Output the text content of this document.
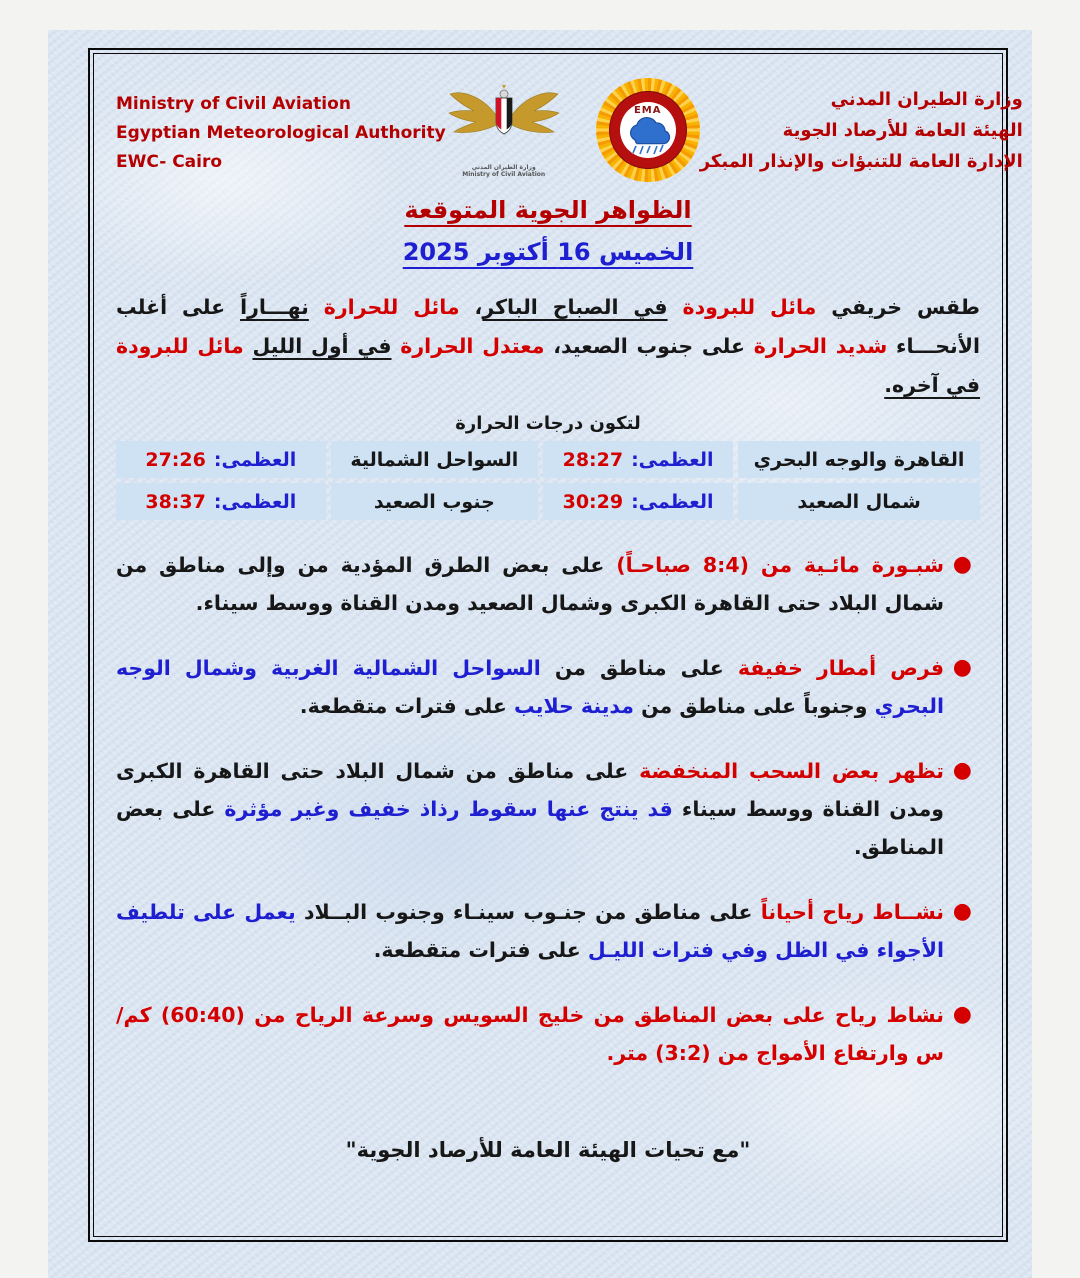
Ministry of Civil Aviation
Egyptian Meteorological Authority
EWC- Cairo	وزارة الطيران المدني
Ministry of Civil Aviation
EMA
وزارة الطيران المدني
الهيئة العامة للأرصاد الجوية
الإدارة العامة للتنبؤات والإنذار المبكر
الظواهر الجوية المتوقعة
الخميس 16 أكتوبر 2025

طقس خريفي مائل للبرودة في الصباح الباكر، مائل للحرارة نهـــاراً على أغلب الأنحـــاء شديد الحرارة على جنوب الصعيد، معتدل الحرارة في أول الليل مائل للبرودة في آخره.

لتكون درجات الحرارة
القاهرة والوجه البحري
العظمى:
28:27
السواحل الشمالية
العظمى:
27:26
شمال الصعيد
العظمى:
30:29
جنوب الصعيد
العظمى:
38:37
●
شبـورة مائـية من (8:4 صباحـاً) على بعض الطرق المؤدية من وإلى مناطق من شمال البلاد حتى القاهرة الكبرى وشمال الصعيد ومدن القناة ووسط سيناء.
●
فرص أمطار خفيفة على مناطق من السواحل الشمالية الغربية وشمال الوجه البحري وجنوباً على مناطق من مدينة حلايب على فترات متقطعة.
●
تظهر بعض السحب المنخفضة على مناطق من شمال البلاد حتى القاهرة الكبرى ومدن القناة ووسط سيناء قد ينتج عنها سقوط رذاذ خفيف وغير مؤثرة على بعض المناطق.
●
نشــاط رياح أحياناً على مناطق من جنـوب سينـاء وجنوب البــلاد يعمل على تلطيف الأجواء في الظل وفي فترات الليـل على فترات متقطعة.
●
نشاط رياح على بعض المناطق من خليج السويس وسرعة الرياح من (60:40) كم/س وارتفاع الأمواج من (3:2) متر.
"مع تحيات الهيئة العامة للأرصاد الجوية"
